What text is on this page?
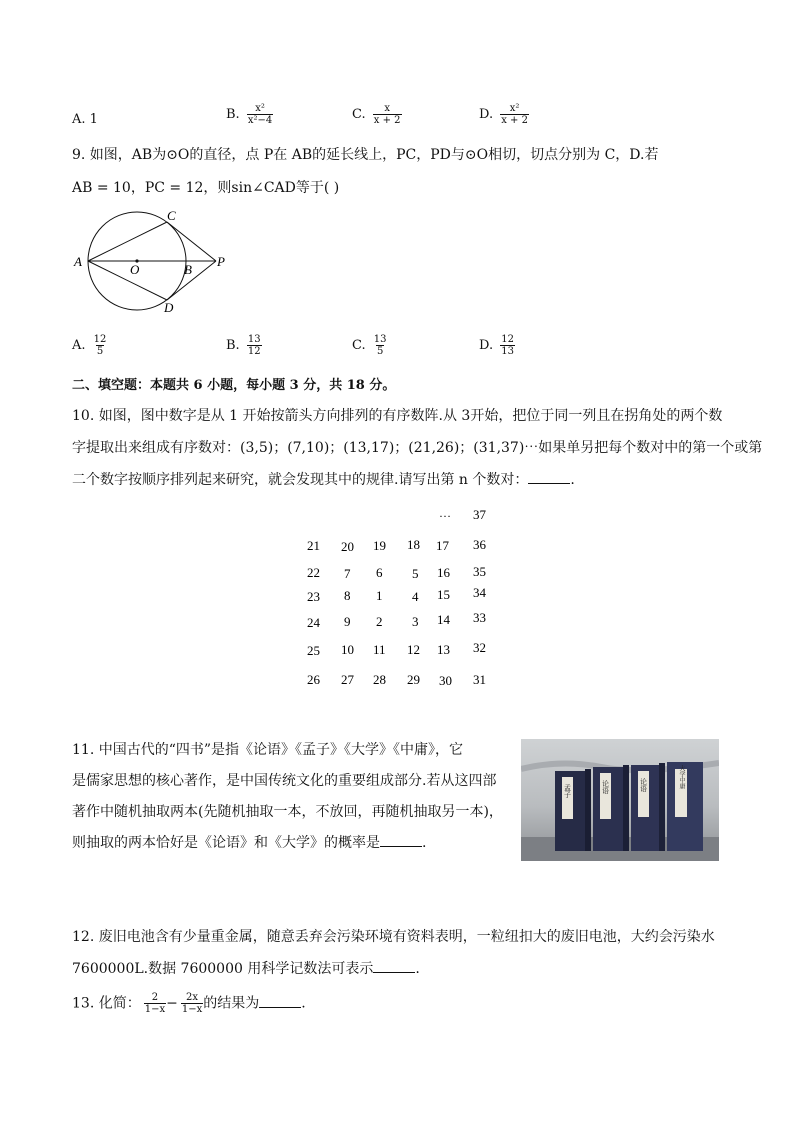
A. 1	B. $\frac{\text{x²}}{\text{x²−4}}$	C. $\frac{x}{x + 2}$	D. $\frac{\text{x²}}{x + 2}$
9. 如图，AB为⊙O的直径，点 P在 AB的延长线上，PC，PD与⊙O相切，切点分别为 C，D.若
AB = 10，PC = 12，则sin∠CAD等于( )
A
C
O	B
P
D
A. $\frac{12}{5}$	B. $\frac{13}{12}$	C. $\frac{13}{5}$	D. $\frac{12}{13}$
二、填空题：本题共 6 小题，每小题 3 分，共 18 分。
10. 如图，图中数字是从 1 开始按箭头方向排列的有序数阵.从 3开始，把位于同一列且在拐角处的两个数
字提取出来组成有序数对：(3,5)；(7,10)；(13,17)；(21,26)；(31,37)⋯如果单另把每个数对中的第一个或第
二个数字按顺序排列起来研究，就会发现其中的规律.请写出第 n 个数对：	.
… 37
21 20 19 18 17 36
22 7 6 5 16 35
23 8 1 4 15 34
24 9 2 3 14 33
25 10 11 12 13 32
26 27 28 29 30 31
11. 中国古代的“四书”是指《论语》《孟子》《大学》《中庸》，它
是儒家思想的核心著作，是中国传统文化的重要组成部分.若从这四部
著作中随机抽取两本(先随机抽取一本，不放回，再随机抽取另一本)，
则抽取的两本恰好是《论语》和《大学》的概率是	.
孟子	论语	论语	大学中庸
12. 废旧电池含有少量重金属，随意丢弃会污染环境有资料表明，一粒纽扣大的废旧电池，大约会污染水
7600000L.数据 7600000 用科学记数法可表示	.
13. 化简： $\frac{2}{1-x} - \frac{2x}{1-x}$ 的结果为	.
